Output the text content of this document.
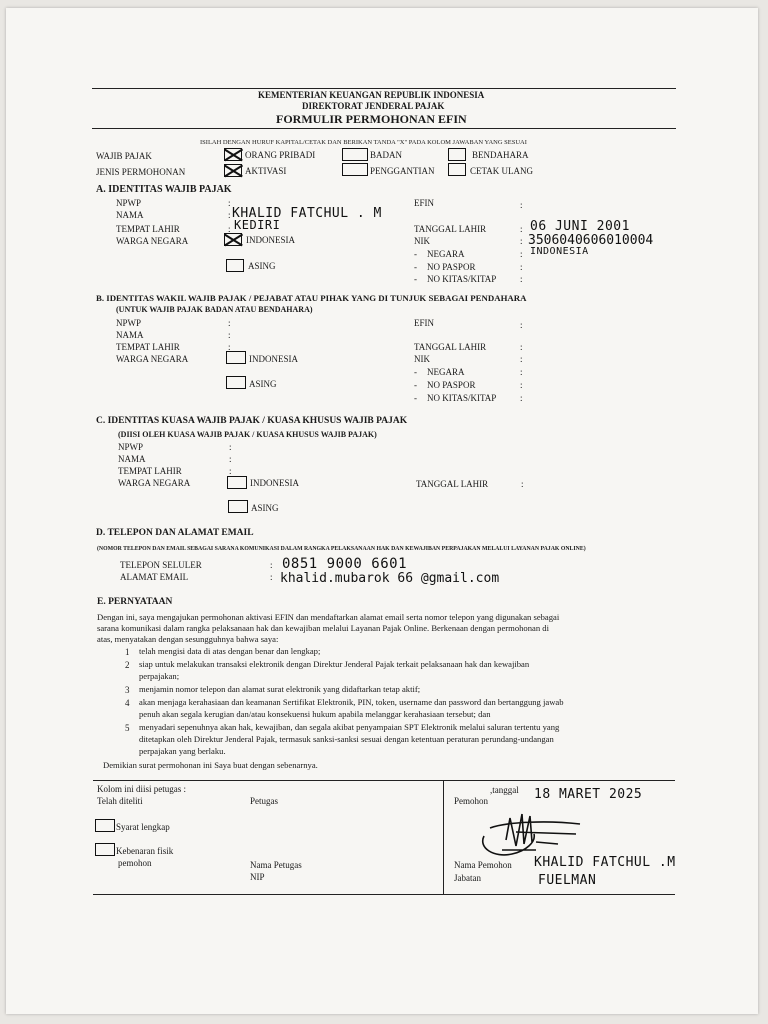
KEMENTERIAN KEUANGAN REPUBLIK INDONESIA
DIREKTORAT JENDERAL PAJAK
FORMULIR PERMOHONAN EFIN
ISILAH DENGAN HURUF KAPITAL/CETAK DAN BERIKAN TANDA "X" PADA KOLOM JAWABAN YANG SESUAI
WAJIB PAJAK	ORANG PRIBADI	BADAN	BENDAHARA
JENIS PERMOHONAN	AKTIVASI	PENGGANTIAN	CETAK ULANG
A. IDENTITAS WAJIB PAJAK
NPWP	:
NAMA	: KHALID FATCHUL . M
TEMPAT LAHIR	: KEDIRI
WARGA NEGARA	INDONESIA
ASING
EFIN	:
TANGGAL LAHIR	: 06 JUNI 2001
NIK	: 3506040606010004
- NEGARA	: INDONESIA
- NO PASPOR	:
- NO KITAS/KITAP	:
B. IDENTITAS WAKIL WAJIB PAJAK / PEJABAT ATAU PIHAK YANG DI TUNJUK SEBAGAI PENDAHARA
(UNTUK WAJIB PAJAK BADAN ATAU BENDAHARA)
NPWP	:
NAMA	:
TEMPAT LAHIR	:
WARGA NEGARA	INDONESIA
ASING
EFIN	:
TANGGAL LAHIR	:
NIK	:
- NEGARA	:
- NO PASPOR	:
- NO KITAS/KITAP	:
C. IDENTITAS KUASA WAJIB PAJAK / KUASA KHUSUS WAJIB PAJAK
(DIISI OLEH KUASA WAJIB PAJAK / KUASA KHUSUS WAJIB PAJAK)
NPWP	:
NAMA	:
TEMPAT LAHIR	:
WARGA NEGARA	INDONESIA
ASING
TANGGAL LAHIR	:
D. TELEPON DAN ALAMAT EMAIL
(NOMOR TELEPON DAN EMAIL SEBAGAI SARANA KOMUNIKASI DALAM RANGKA PELAKSANAAN HAK DAN KEWAJIBAN PERPAJAKAN MELALUI LAYANAN PAJAK ONLINE)
TELEPON SELULER	: 0851 9000 6601
ALAMAT EMAIL	: khalid.mubarok 66 @gmail.com
E. PERNYATAAN
Dengan ini, saya mengajukan permohonan aktivasi EFIN dan mendaftarkan alamat email serta nomor telepon yang digunakan sebagai
sarana komunikasi dalam rangka pelaksanaan hak dan kewajiban melalui Layanan Pajak Online. Berkenaan dengan permohonan di
atas, menyatakan dengan sesungguhnya bahwa saya:
1 telah mengisi data di atas dengan benar dan lengkap;
2 siap untuk melakukan transaksi elektronik dengan Direktur Jenderal Pajak terkait pelaksanaan hak dan kewajiban
perpajakan;
3 menjamin nomor telepon dan alamat surat elektronik yang didaftarkan tetap aktif;
4 akan menjaga kerahasiaan dan keamanan Sertifikat Elektronik, PIN, token, username dan password dan bertanggung jawab
penuh akan segala kerugian dan/atau konsekuensi hukum apabila melanggar kerahasiaan tersebut; dan
5 menyadari sepenuhnya akan hak, kewajiban, dan segala akibat penyampaian SPT Elektronik melalui saluran tertentu yang
ditetapkan oleh Direktur Jenderal Pajak, termasuk sanksi-sanksi sesuai dengan ketentuan peraturan perundang-undangan
perpajakan yang berlaku.
Demikian surat permohonan ini Saya buat dengan sebenarnya.
Kolom ini diisi petugas :
Telah diteliti	Petugas
Syarat lengkap
Kebenaran fisik
pemohon	Nama Petugas
NIP
,tanggal 18 MARET 2025
Pemohon
Nama Pemohon KHALID FATCHUL .M
Jabatan	FUELMAN
